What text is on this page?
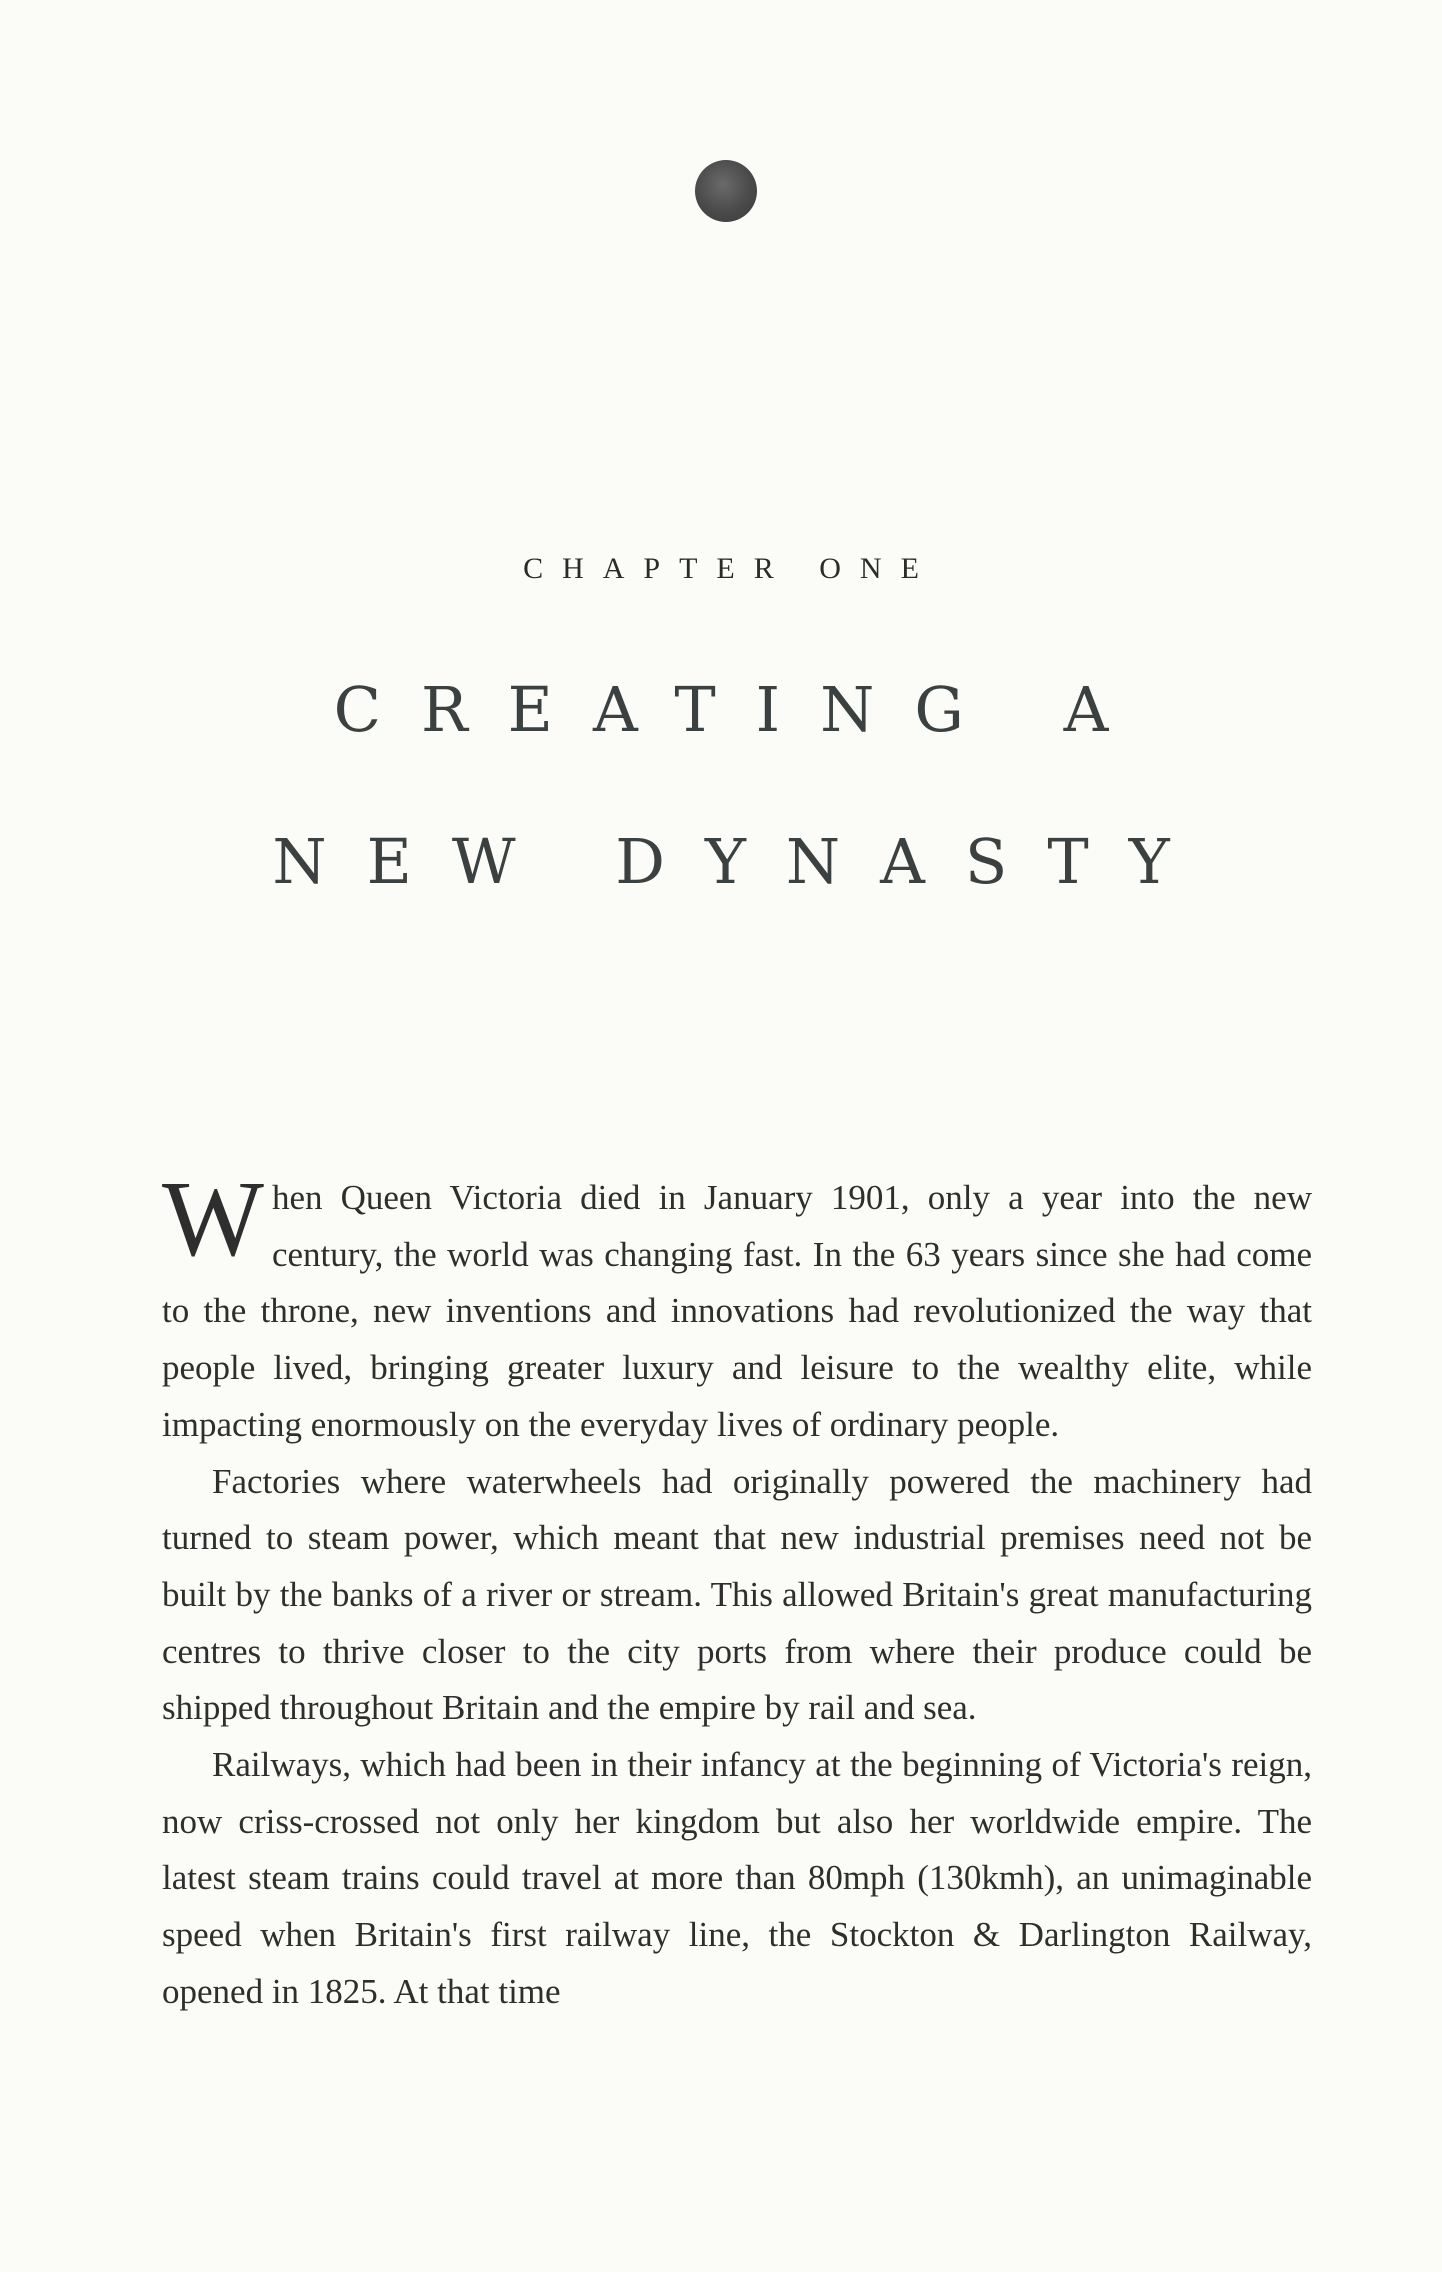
CHAPTER ONE
CREATING A
NEW DYNASTY

When Queen Victoria died in January 1901, only a year into the new century, the world was changing fast. In the 63 years since she had come to the throne, new inventions and innovations had revolutionized the way that people lived, bringing greater luxury and leisure to the wealthy elite, while impacting enormously on the everyday lives of ordinary people.

Factories where waterwheels had originally powered the machinery had turned to steam power, which meant that new industrial premises need not be built by the banks of a river or stream. This allowed Britain's great manufacturing centres to thrive closer to the city ports from where their produce could be shipped throughout Britain and the empire by rail and sea.

Railways, which had been in their infancy at the beginning of Victoria's reign, now criss-crossed not only her kingdom but also her worldwide empire. The latest steam trains could travel at more than 80mph (130kmh), an unimaginable speed when Britain's first railway line, the Stockton & Darlington Railway, opened in 1825. At that time
